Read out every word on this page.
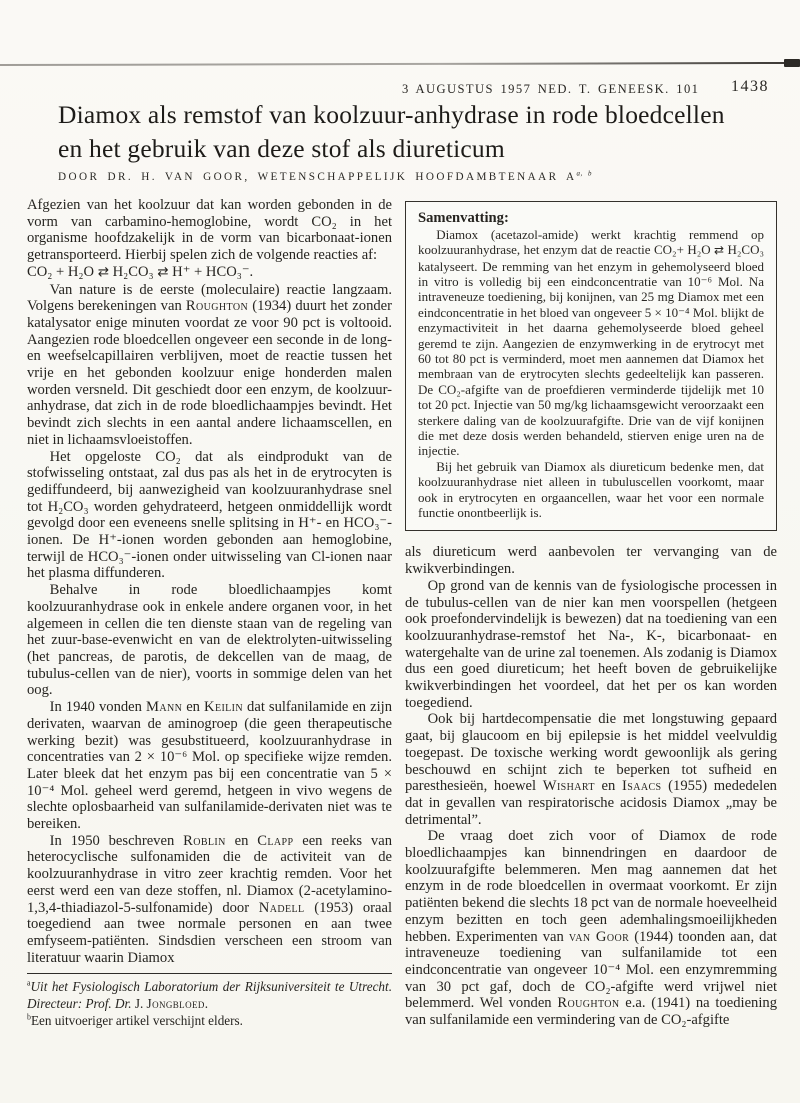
3 AUGUSTUS 1957 NED. T. GENEESK. 101 1438
Diamox als remstof van koolzuur-anhydrase in rode bloedcellen
en het gebruik van deze stof als diureticum
DOOR DR. H. VAN GOOR, WETENSCHAPPELIJK HOOFDAMBTENAAR A$^{a, b}$

Afgezien van het koolzuur dat kan worden gebonden in de vorm van carbamino-hemoglobine, wordt CO₂ in het organisme hoofdzakelijk in de vorm van bicarbonaat-ionen getransporteerd. Hierbij spelen zich de volgende reacties af:

CO₂ + H₂O ⇄ H₂CO₃ ⇄ H⁺ + HCO₃⁻.

Van nature is de eerste (moleculaire) reactie langzaam. Volgens berekeningen van Roughton (1934) duurt het zonder katalysator enige minuten voordat ze voor 90 pct is voltooid. Aangezien rode bloedcellen ongeveer een seconde in de long- en weefselcapillairen verblijven, moet de reactie tussen het vrije en het gebonden koolzuur enige honderden malen worden versneld. Dit geschiedt door een enzym, de koolzuur-anhydrase, dat zich in de rode bloedlichaampjes bevindt. Het bevindt zich slechts in een aantal andere lichaamscellen, en niet in lichaamsvloeistoffen.

Het opgeloste CO₂ dat als eindprodukt van de stofwisseling ontstaat, zal dus pas als het in de erytrocyten is gediffundeerd, bij aanwezigheid van koolzuuranhydrase snel tot H₂CO₃ worden gehydrateerd, hetgeen onmiddellijk wordt gevolgd door een eveneens snelle splitsing in H⁺- en HCO₃⁻-ionen. De H⁺-ionen worden gebonden aan hemoglobine, terwijl de HCO₃⁻-ionen onder uitwisseling van Cl-ionen naar het plasma diffunderen.

Behalve in rode bloedlichaampjes komt koolzuuranhydrase ook in enkele andere organen voor, in het algemeen in cellen die ten dienste staan van de regeling van het zuur-base-evenwicht en van de elektrolyten-uitwisseling (het pancreas, de parotis, de dekcellen van de maag, de tubulus-cellen van de nier), voorts in sommige delen van het oog.

In 1940 vonden Mann en Keilin dat sulfanilamide en zijn derivaten, waarvan de aminogroep (die geen therapeutische werking bezit) was gesubstitueerd, koolzuuranhydrase in concentraties van 2 × 10⁻⁶ Mol. op specifieke wijze remden. Later bleek dat het enzym pas bij een concentratie van 5 × 10⁻⁴ Mol. geheel werd geremd, hetgeen in vivo wegens de slechte oplosbaarheid van sulfanilamide-derivaten niet was te bereiken.

In 1950 beschreven Roblin en Clapp een reeks van heterocyclische sulfonamiden die de activiteit van de koolzuuranhydrase in vitro zeer krachtig remden. Voor het eerst werd een van deze stoffen, nl. Diamox (2-acetylamino-1,3,4-thiadiazol-5-sulfonamide) door Nadell (1953) oraal toegediend aan twee normale personen en aan twee emfyseem-patiënten. Sindsdien verscheen een stroom van literatuur waarin Diamox

$^a$Uit het Fysiologisch Laboratorium der Rijksuniversiteit te Utrecht. Directeur: Prof. Dr. J. Jongbloed.

$^b$Een uitvoeriger artikel verschijnt elders.

Samenvatting:

Diamox (acetazol-amide) werkt krachtig remmend op koolzuuranhydrase, het enzym dat de reactie CO₂+ H₂O ⇄ H₂CO₃ katalyseert. De remming van het enzym in gehemolyseerd bloed in vitro is volledig bij een eindconcentratie van 10⁻⁶ Mol. Na intraveneuze toediening, bij konijnen, van 25 mg Diamox met een eindconcentratie in het bloed van ongeveer 5 × 10⁻⁴ Mol. blijkt de enzymactiviteit in het daarna gehemolyseerde bloed geheel geremd te zijn. Aangezien de enzymwerking in de erytrocyt met 60 tot 80 pct is verminderd, moet men aannemen dat Diamox het membraan van de erytrocyten slechts gedeeltelijk kan passeren. De CO₂-afgifte van de proefdieren verminderde tijdelijk met 10 tot 20 pct. Injectie van 50 mg/kg lichaamsgewicht veroorzaakt een sterkere daling van de koolzuurafgifte. Drie van de vijf konijnen die met deze dosis werden behandeld, stierven enige uren na de injectie.

Bij het gebruik van Diamox als diureticum bedenke men, dat koolzuuranhydrase niet alleen in tubuluscellen voorkomt, maar ook in erytrocyten en orgaancellen, waar het voor een normale functie onontbeerlijk is.

als diureticum werd aanbevolen ter vervanging van de kwikverbindingen.

Op grond van de kennis van de fysiologische processen in de tubulus-cellen van de nier kan men voorspellen (hetgeen ook proefondervindelijk is bewezen) dat na toediening van een koolzuuranhydrase-remstof het Na-, K-, bicarbonaat- en watergehalte van de urine zal toenemen. Als zodanig is Diamox dus een goed diureticum; het heeft boven de gebruikelijke kwikverbindingen het voordeel, dat het per os kan worden toegediend.

Ook bij hartdecompensatie die met longstuwing gepaard gaat, bij glaucoom en bij epilepsie is het middel veelvuldig toegepast. De toxische werking wordt gewoonlijk als gering beschouwd en schijnt zich te beperken tot sufheid en paresthesieën, hoewel Wishart en Isaacs (1955) mededelen dat in gevallen van respiratorische acidosis Diamox „may be detrimental”.

De vraag doet zich voor of Diamox de rode bloedlichaampjes kan binnendringen en daardoor de koolzuurafgifte belemmeren. Men mag aannemen dat het enzym in de rode bloedcellen in overmaat voorkomt. Er zijn patiënten bekend die slechts 18 pct van de normale hoeveelheid enzym bezitten en toch geen ademhalingsmoeilijkheden hebben. Experimenten van van Goor (1944) toonden aan, dat intraveneuze toediening van sulfanilamide tot een eindconcentratie van ongeveer 10⁻⁴ Mol. een enzymremming van 30 pct gaf, doch de CO₂-afgifte werd vrijwel niet belemmerd. Wel vonden Roughton e.a. (1941) na toediening van sulfanilamide een vermindering van de CO₂-afgifte
